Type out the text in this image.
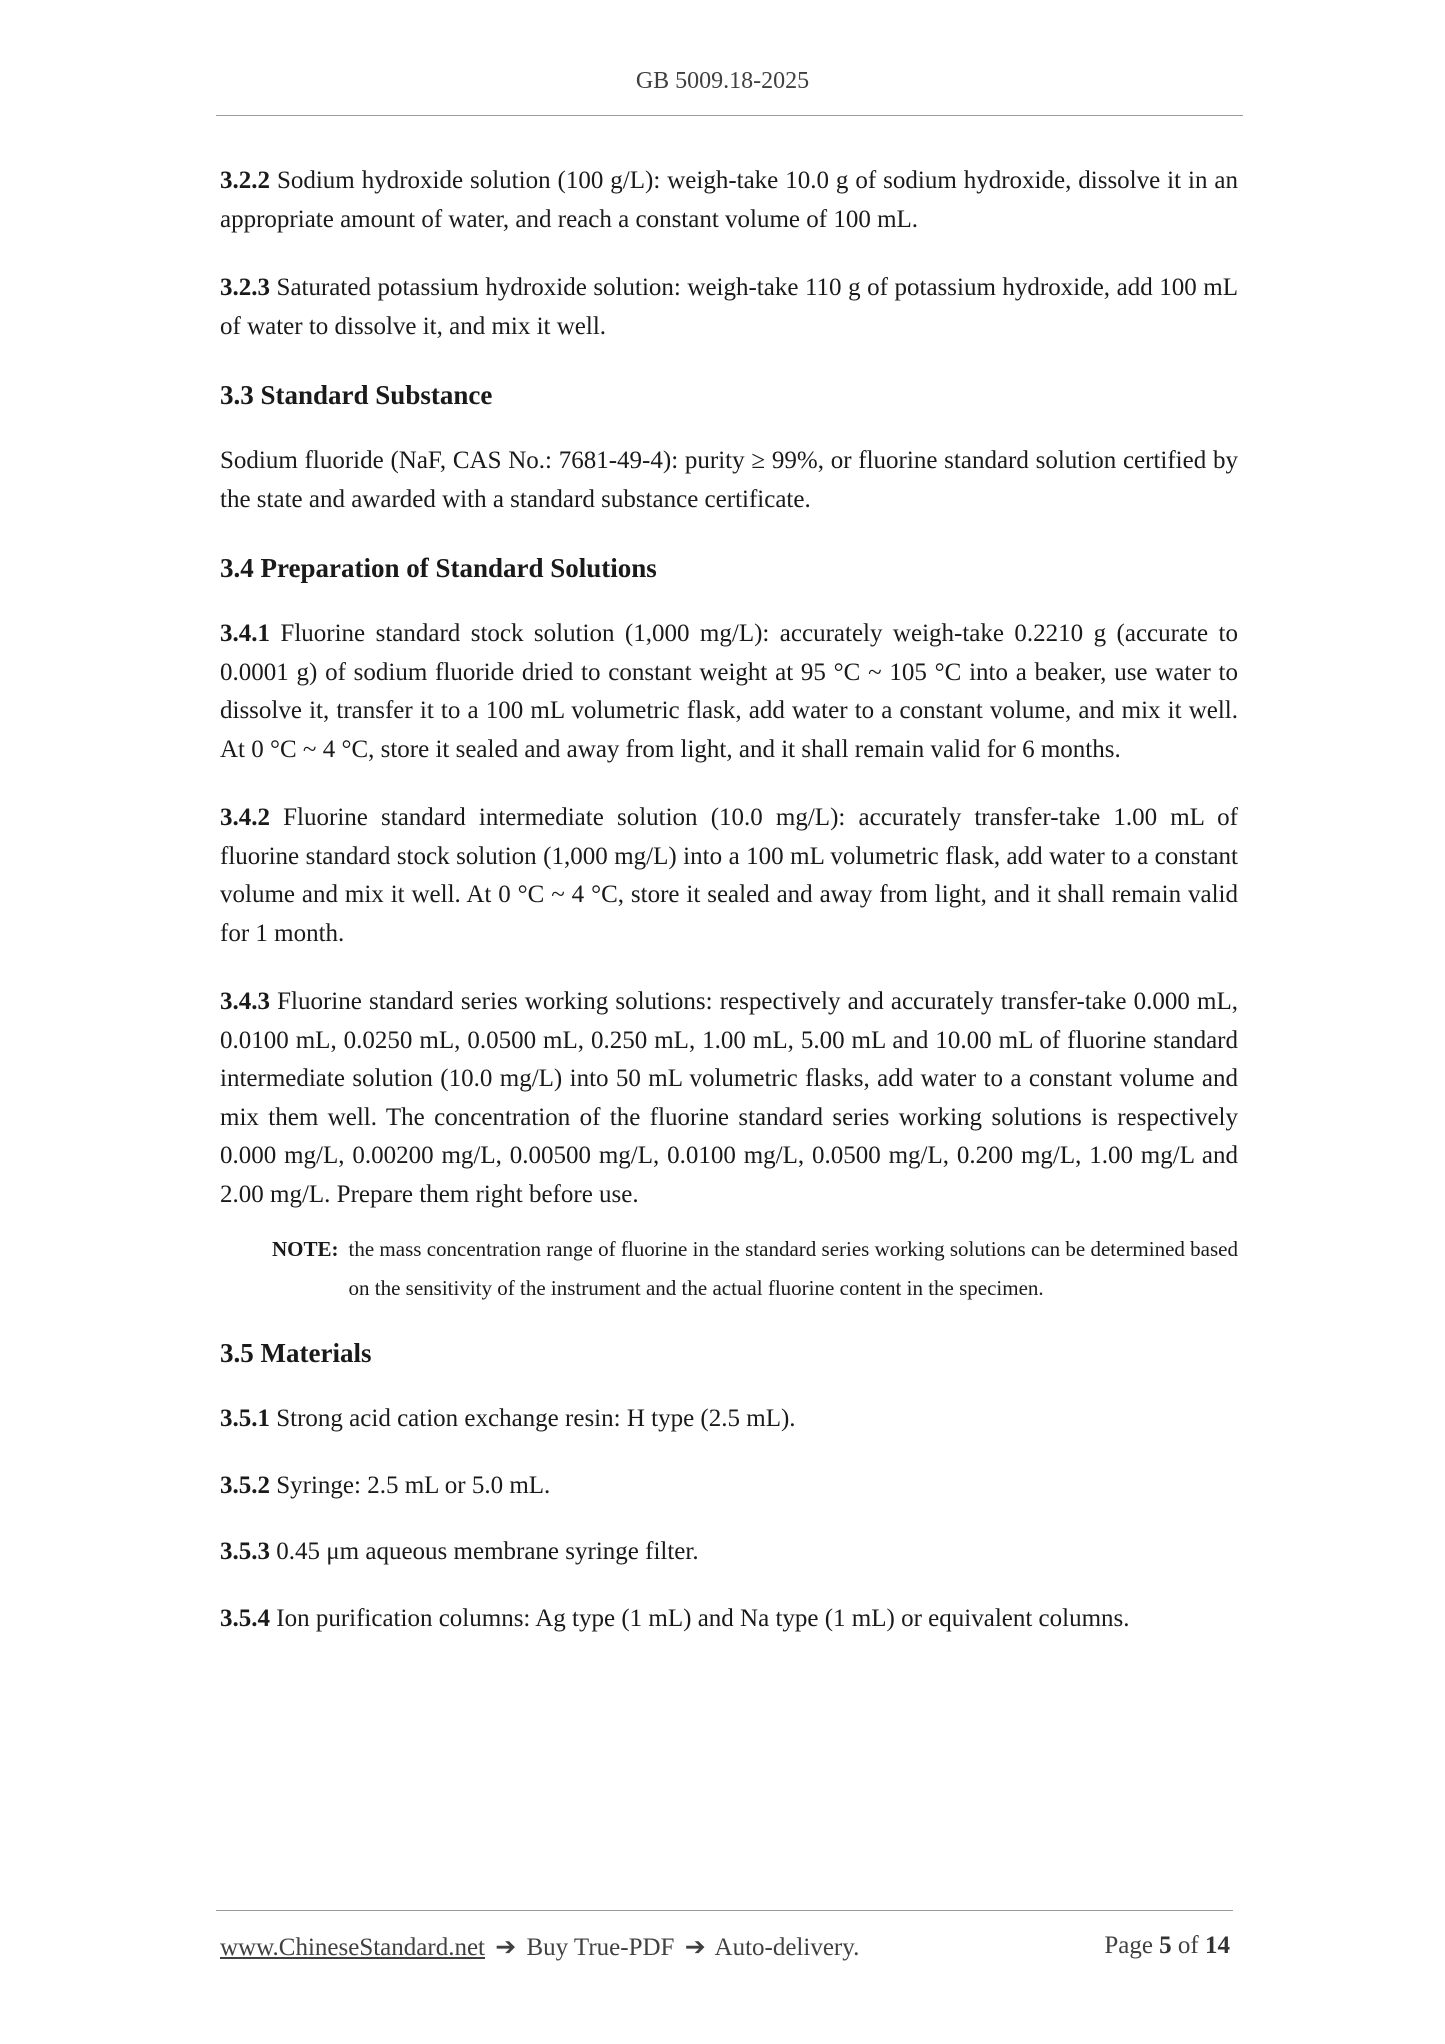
GB 5009.18-2025

3.2.2 Sodium hydroxide solution (100 g/L): weigh-take 10.0 g of sodium hydroxide, dissolve it in an appropriate amount of water, and reach a constant volume of 100 mL.

3.2.3 Saturated potassium hydroxide solution: weigh-take 110 g of potassium hydroxide, add 100 mL of water to dissolve it, and mix it well.

3.3 Standard Substance

Sodium fluoride (NaF, CAS No.: 7681-49-4): purity ≥ 99%, or fluorine standard solution certified by the state and awarded with a standard substance certificate.

3.4 Preparation of Standard Solutions

3.4.1 Fluorine standard stock solution (1,000 mg/L): accurately weigh-take 0.2210 g (accurate to 0.0001 g) of sodium fluoride dried to constant weight at 95 °C ~ 105 °C into a beaker, use water to dissolve it, transfer it to a 100 mL volumetric flask, add water to a constant volume, and mix it well. At 0 °C ~ 4 °C, store it sealed and away from light, and it shall remain valid for 6 months.

3.4.2 Fluorine standard intermediate solution (10.0 mg/L): accurately transfer-take 1.00 mL of fluorine standard stock solution (1,000 mg/L) into a 100 mL volumetric flask, add water to a constant volume and mix it well. At 0 °C ~ 4 °C, store it sealed and away from light, and it shall remain valid for 1 month.

3.4.3 Fluorine standard series working solutions: respectively and accurately transfer-take 0.000 mL, 0.0100 mL, 0.0250 mL, 0.0500 mL, 0.250 mL, 1.00 mL, 5.00 mL and 10.00 mL of fluorine standard intermediate solution (10.0 mg/L) into 50 mL volumetric flasks, add water to a constant volume and mix them well. The concentration of the fluorine standard series working solutions is respectively 0.000 mg/L, 0.00200 mg/L, 0.00500 mg/L, 0.0100 mg/L, 0.0500 mg/L, 0.200 mg/L, 1.00 mg/L and 2.00 mg/L. Prepare them right before use.

NOTE: the mass concentration range of fluorine in the standard series working solutions can be determined based on the sensitivity of the instrument and the actual fluorine content in the specimen.
3.5 Materials

3.5.1 Strong acid cation exchange resin: H type (2.5 mL).

3.5.2 Syringe: 2.5 mL or 5.0 mL.

3.5.3 0.45 μm aqueous membrane syringe filter.

3.5.4 Ion purification columns: Ag type (1 mL) and Na type (1 mL) or equivalent columns.

www.ChineseStandard.net ➔ Buy True-PDF ➔ Auto-delivery.	Page 5 of 14
